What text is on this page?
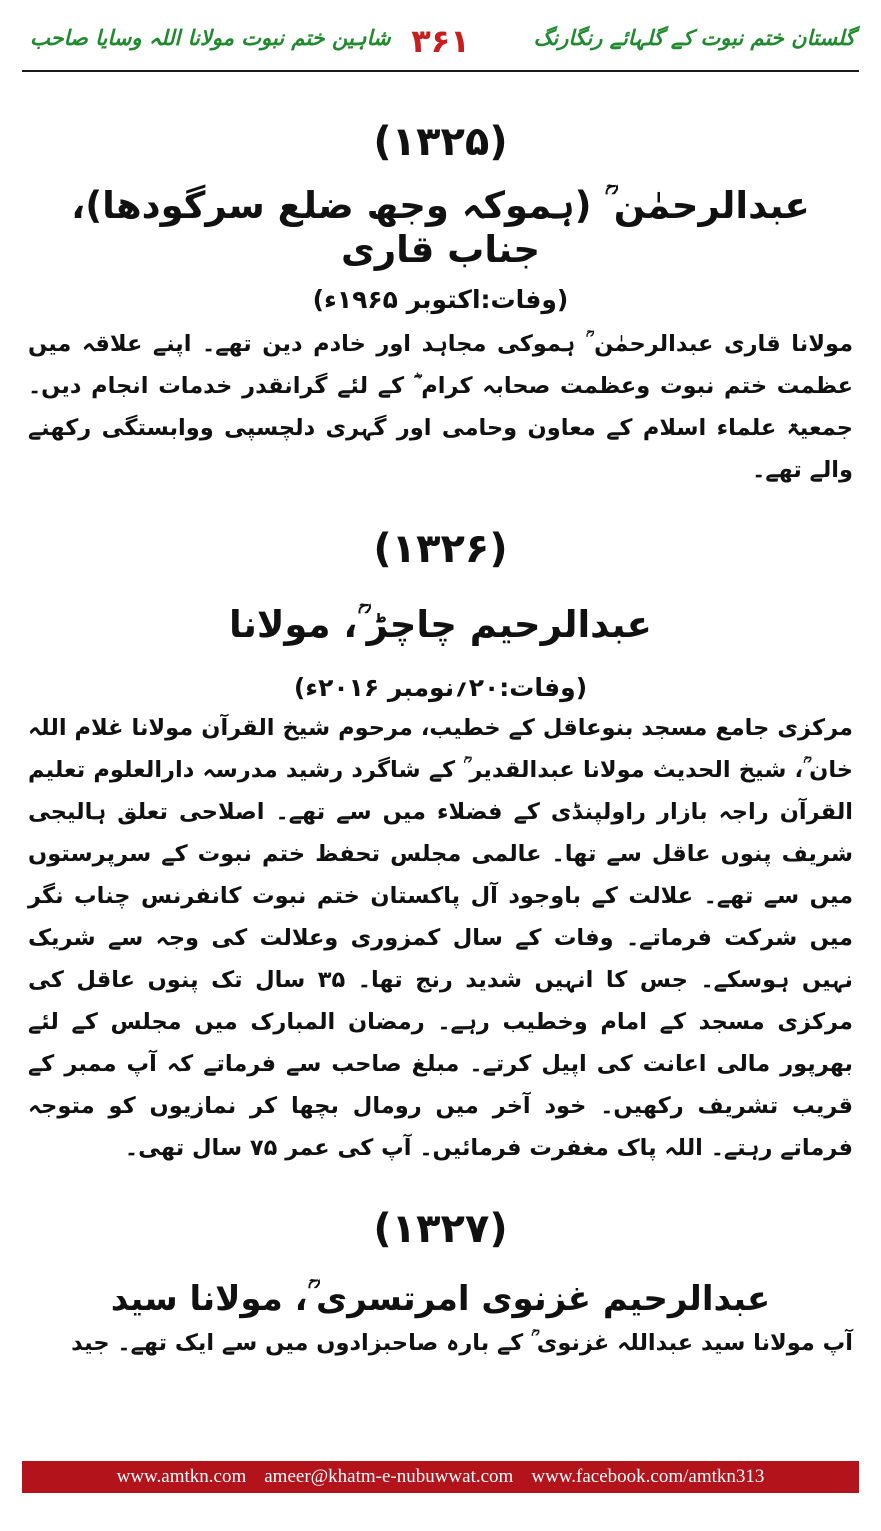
شاہین ختم نبوت مولانا اللہ وسایا صاحب ۳۶۱	گلستان ختم نبوت کے گلہائے رنگارنگ
(۱۳۲۵)
عبدالرحمٰن ؒ (ہموکہ وجھ ضلع سرگودھا)، جناب قاری
(وفات:اکتوبر ۱۹۶۵ء)
مولانا قاری عبدالرحمٰن ؒ ہموکی مجاہد اور خادم دین تھے۔ اپنے علاقہ میں عظمت ختم نبوت وعظمت صحابہ کرام ؓ کے لئے گرانقدر خدمات انجام دیں۔ جمعیۃ علماء اسلام کے معاون وحامی اور گہری دلچسپی ووابستگی رکھنے والے تھے۔
(۱۳۲۶)
عبدالرحیم چاچڑ ؒ، مولانا
(وفات:۲۰؍نومبر ۲۰۱۶ء)
مرکزی جامع مسجد بنوعاقل کے خطیب، مرحوم شیخ القرآن مولانا غلام اللہ خان ؒ، شیخ الحدیث مولانا عبدالقدیر ؒ کے شاگرد رشید مدرسہ دارالعلوم تعلیم القرآن راجہ بازار راولپنڈی کے فضلاء میں سے تھے۔ اصلاحی تعلق ہالیجی شریف پنوں عاقل سے تھا۔ عالمی مجلس تحفظ ختم نبوت کے سرپرستوں میں سے تھے۔ علالت کے باوجود آل پاکستان ختم نبوت کانفرنس چناب نگر میں شرکت فرماتے۔ وفات کے سال کمزوری وعلالت کی وجہ سے شریک نہیں ہوسکے۔ جس کا انہیں شدید رنج تھا۔ ۳۵ سال تک پنوں عاقل کی مرکزی مسجد کے امام وخطیب رہے۔ رمضان المبارک میں مجلس کے لئے بھرپور مالی اعانت کی اپیل کرتے۔ مبلغ صاحب سے فرماتے کہ آپ ممبر کے قریب تشریف رکھیں۔ خود آخر میں رومال بچھا کر نمازیوں کو متوجہ فرماتے رہتے۔ اللہ پاک مغفرت فرمائیں۔ آپ کی عمر ۷۵ سال تھی۔
(۱۳۲۷)
عبدالرحیم غزنوی امرتسری ؒ، مولانا سید
آپ مولانا سید عبداللہ غزنوی ؒ کے بارہ صاحبزادوں میں سے ایک تھے۔ جید
www.amtkn.com ameer@khatm-e-nubuwwat.com www.facebook.com/amtkn313
